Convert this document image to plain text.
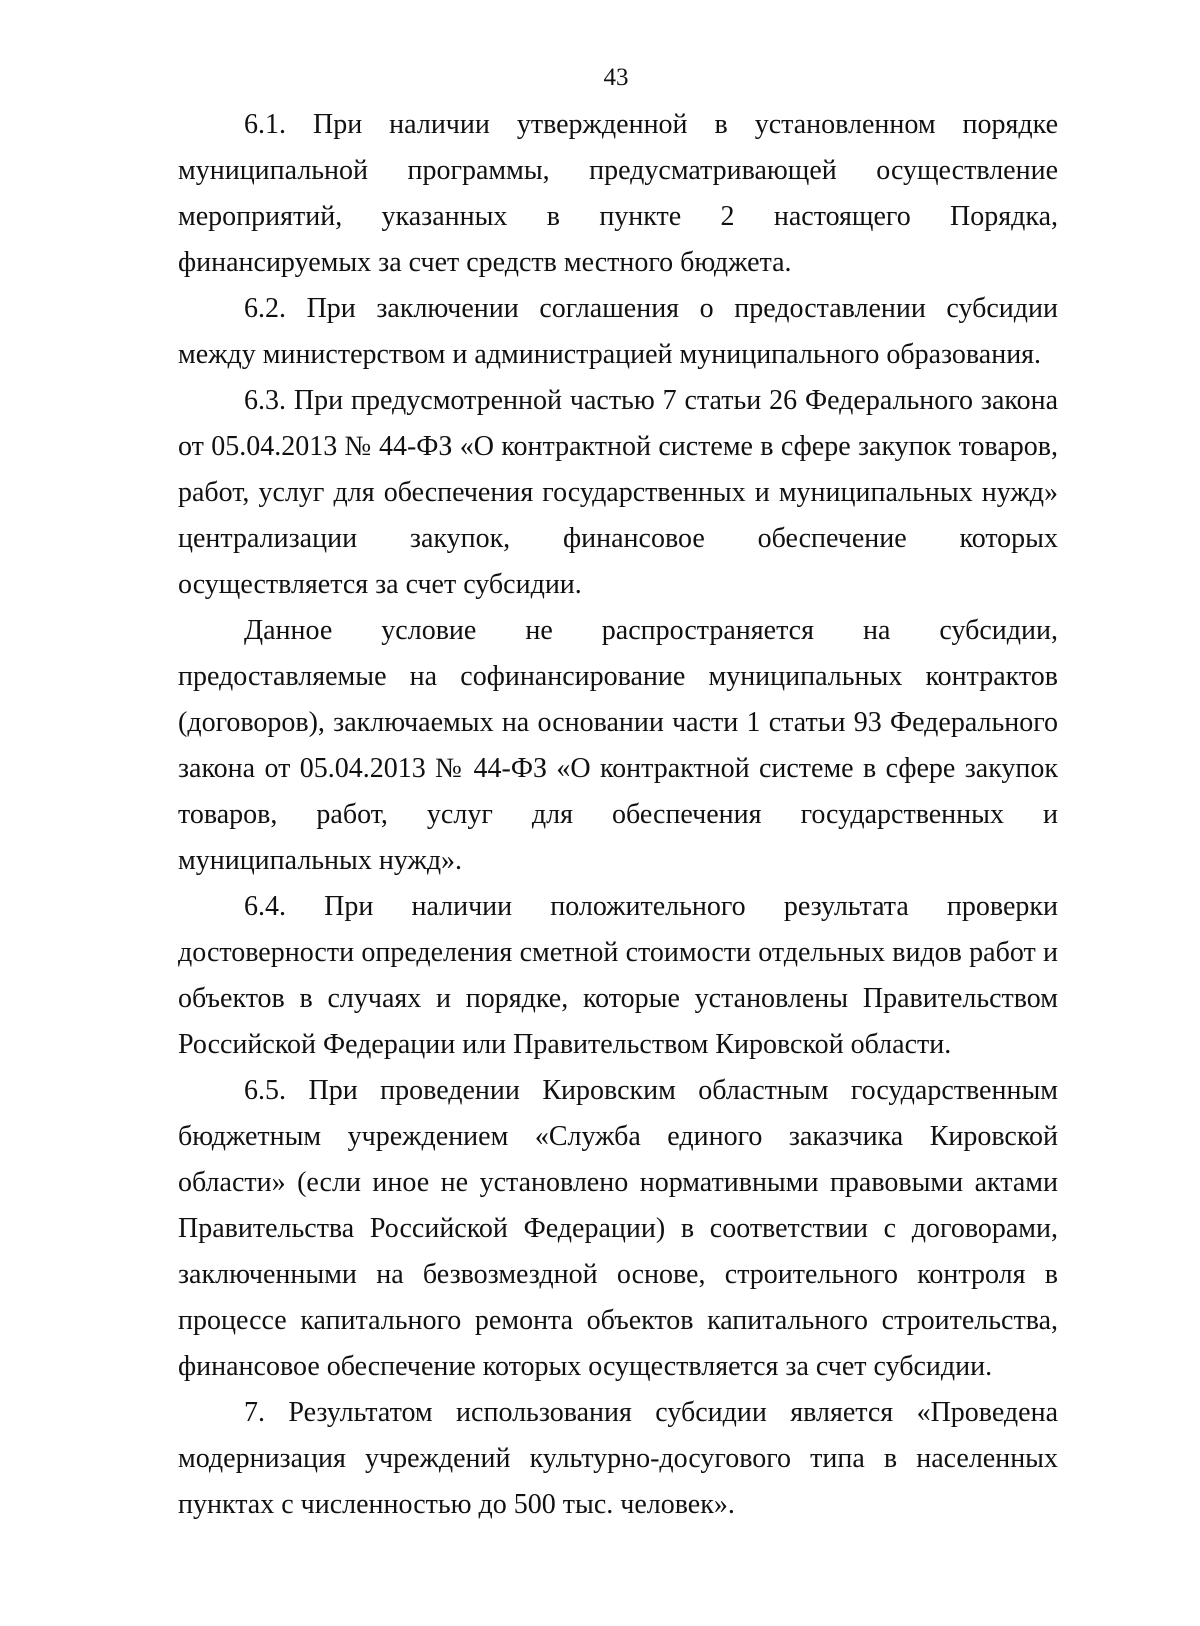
43

6.1. При наличии утвержденной в установленном порядке муниципальной программы, предусматривающей осуществление мероприятий, указанных в пункте 2 настоящего Порядка, финансируемых за счет средств местного бюджета.

6.2. При заключении соглашения о предоставлении субсидии между министерством и администрацией муниципального образования.

6.3. При предусмотренной частью 7 статьи 26 Федерального закона от 05.04.2013 № 44-ФЗ «О контрактной системе в сфере закупок товаров, работ, услуг для обеспечения государственных и муниципальных нужд» централизации закупок, финансовое обеспечение которых осуществляется за счет субсидии.

Данное условие не распространяется на субсидии, предоставляемые на софинансирование муниципальных контрактов (договоров), заключаемых на основании части 1 статьи 93 Федерального закона от 05.04.2013 № 44-ФЗ «О контрактной системе в сфере закупок товаров, работ, услуг для обеспечения государственных и муниципальных нужд».

6.4. При наличии положительного результата проверки достоверности определения сметной стоимости отдельных видов работ и объектов в случаях и порядке, которые установлены Правительством Российской Федерации или Правительством Кировской области.

6.5. При проведении Кировским областным государственным бюджетным учреждением «Служба единого заказчика Кировской области» (если иное не установлено нормативными правовыми актами Правительства Российской Федерации) в соответствии с договорами, заключенными на безвозмездной основе, строительного контроля в процессе капитального ремонта объектов капитального строительства, финансовое обеспечение которых осуществляется за счет субсидии.

7. Результатом использования субсидии является «Проведена модернизация учреждений культурно-досугового типа в населенных пунктах с численностью до 500 тыс. человек».
